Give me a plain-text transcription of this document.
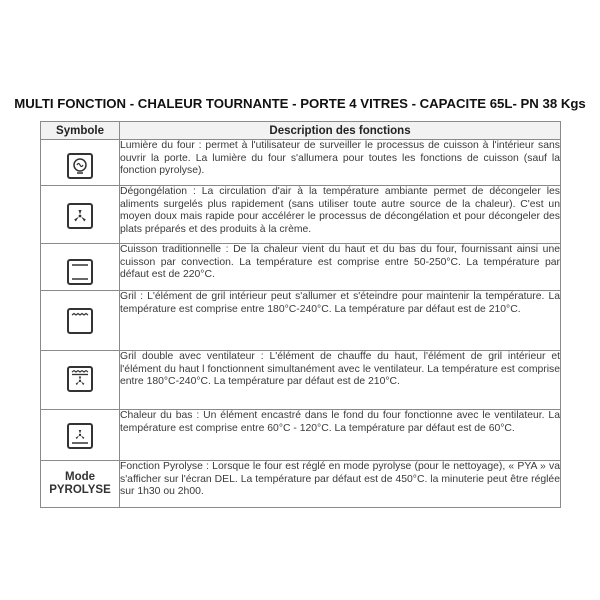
MULTI FONCTION - CHALEUR TOURNANTE - PORTE 4 VITRES - CAPACITE 65L- PN 38 Kgs
Symbole	Description des fonctions

	Lumière du four : permet à l'utilisateur de surveiller le processus de cuisson à l'intérieur sans ouvrir la porte. La lumière du four s'allumera pour toutes les fonctions de cuisson (sauf la fonction pyrolyse).

	Dégongélation : La circulation d'air à la température ambiante permet de décongeler les aliments surgelés plus rapidement (sans utiliser toute autre source de la chaleur). C'est un moyen doux mais rapide pour accélérer le processus de décongélation et pour décongeler des plats préparés et des produits à la crème.

	Cuisson traditionnelle : De la chaleur vient du haut et du bas du four, fournissant ainsi une cuisson par convection. La température est comprise entre 50-250°C. La température par défaut est de 220°C.

	Gril : L'élément de gril intérieur peut s'allumer et s'éteindre pour maintenir la température. La température est comprise entre 180°C-240°C. La température par défaut est de 210°C.

	Gril double avec ventilateur : L'élément de chauffe du haut, l'élément de gril intérieur et l'élément du haut l fonctionnent simultanément avec le ventilateur. La température est comprise entre 180°C-240°C. La température par défaut est de 210°C.

	Chaleur du bas : Un élément encastré dans le fond du four fonctionne avec le ventilateur. La température est comprise entre 60°C - 120°C. La température par défaut est de 60°C.

Mode
PYROLYSE	Fonction Pyrolyse : Lorsque le four est réglé en mode pyrolyse (pour le nettoyage), « PYA » va s'afficher sur l'écran DEL. La température par défaut est de 450°C. la minuterie peut être réglée sur 1h30 ou 2h00.
